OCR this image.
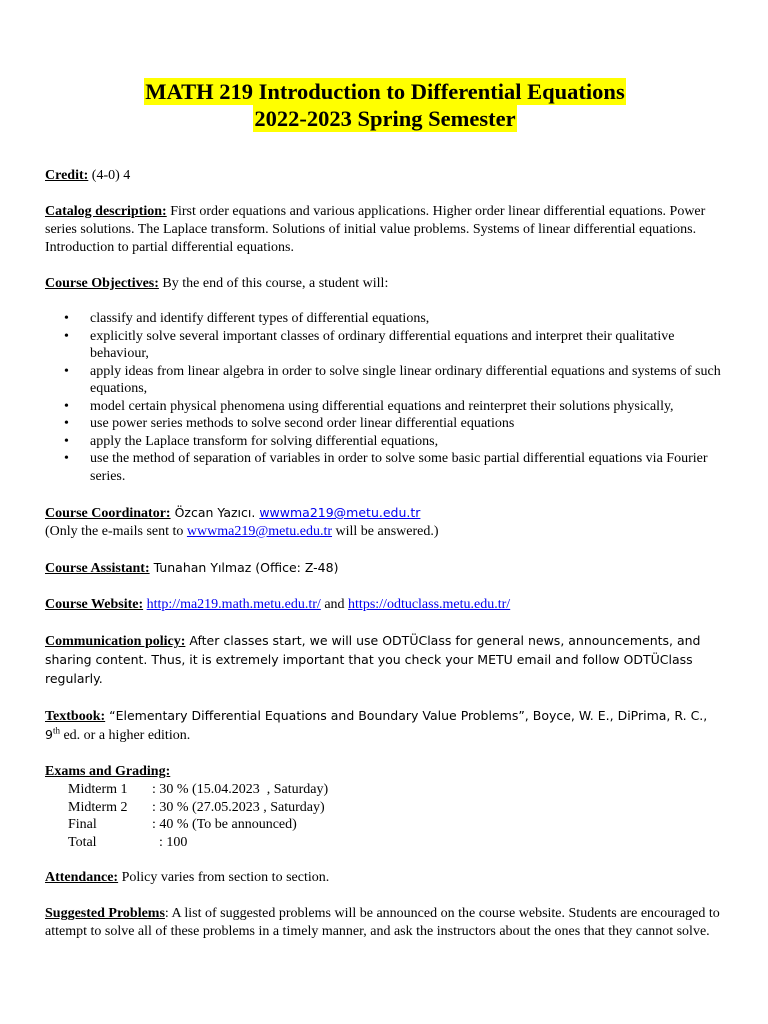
MATH 219 Introduction to Differential Equations
2022-2023 Spring Semester

Credit: (4-0) 4

Catalog description: First order equations and various applications. Higher order linear differential equations. Power series solutions. The Laplace transform. Solutions of initial value problems. Systems of linear differential equations. Introduction to partial differential equations.

Course Objectives: By the end of this course, a student will:

• classify and identify different types of differential equations,
• explicitly solve several important classes of ordinary differential equations and interpret their qualitative behaviour,
• apply ideas from linear algebra in order to solve single linear ordinary differential equations and systems of such equations,
• model certain physical phenomena using differential equations and reinterpret their solutions physically,
• use power series methods to solve second order linear differential equations
• apply the Laplace transform for solving differential equations,
• use the method of separation of variables in order to solve some basic partial differential equations via Fourier series.

Course Coordinator: Özcan Yazıcı. wwwma219@metu.edu.tr
(Only the e-mails sent to wwwma219@metu.edu.tr will be answered.)

Course Assistant: Tunahan Yılmaz (Office: Z-48)

Course Website: http://ma219.math.metu.edu.tr/ and https://odtuclass.metu.edu.tr/

Communication policy: After classes start, we will use ODTÜClass for general news, announcements, and sharing content. Thus, it is extremely important that you check your METU email and follow ODTÜClass regularly.

Textbook: “Elementary Differential Equations and Boundary Value Problems”, Boyce, W. E., DiPrima, R. C., 9th ed. or a higher edition.

Exams and Grading:

Midterm 1 : 30 % (15.04.2023  , Saturday)
Midterm 2 : 30 % (27.05.2023 , Saturday)
Final	: 40 % (To be announced)
Total	: 100

Attendance: Policy varies from section to section.

Suggested Problems: A list of suggested problems will be announced on the course website. Students are encouraged to attempt to solve all of these problems in a timely manner, and ask the instructors about the ones that they cannot solve.
